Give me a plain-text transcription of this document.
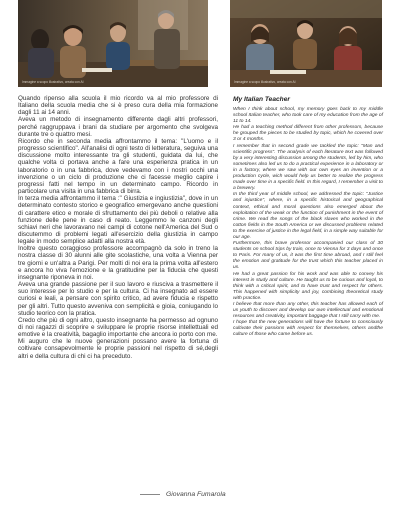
Immagine a scopo illustrativo, creata con AI	Immagine a scopo illustrativo, creata con AI

Quando ripenso alla scuola il mio ricordo va al mio professore di Italiano della scuola media che si è preso cura della mia formazione dagli 11 ai 14 anni.

Aveva un metodo di insegnamento differente dagli altri professori, perché raggruppava i brani da studiare per argomento che svolgeva durante tre o quattro mesi.

Ricordo che in seconda media affrontammo il tema: "L'uomo e il progresso scientifico". All'analisi di ogni testo di letteratura, seguiva una discussione molto interessante tra gli studenti, guidata da lui, che qualche volta ci portava anche a fare una esperienza pratica in un laboratorio o in una fabbrica, dove vedevamo con i nostri occhi una invenzione o un ciclo di produzione che ci facesse meglio capire i progressi fatti nel tempo in un determinato campo. Ricordo in particolare una visita in una fabbrica di birra.

In terza media affrontammo il tema :" Giustizia e ingiustizia", dove in un determinato contesto storico e geografico emergevano anche questioni di carattere etico e morale di sfruttamento dei più deboli o relative alla funzione delle pene in caso di reato. Leggemmo le canzoni degli schiavi neri che lavoravano nei campi di cotone nell'America del Sud o discutemmo di problemi legati all'esercizio della giustizia in campo legale in modo semplice adatti alla nostra età.

Inoltre questo coraggioso professore accompagnò da solo in treno la nostra classe di 30 alunni alle gite scolastiche, una volta a Vienna per tre giorni e un'altra a Parigi. Per molti di noi era la prima volta all'estero e ancora ho viva l'emozione e la gratitudine per la fiducia che questi insegnante riponeva in noi.

Aveva una grande passione per il suo lavoro e riusciva a trasmettere il suo interesse per lo studio e per la cultura. Ci ha insegnato ad essere curiosi e leali, a pensare con spirito critico, ad avere fiducia e rispetto per gli altri. Tutto questo avveniva con semplicità e gioia, coniugando lo studio teorico con la pratica.

Credo che più di ogni altro, questo insegnante ha permesso ad ognuno di noi ragazzi di scoprire e sviluppare le proprie risorse intellettuali ed emotive e la creatività, bagaglio importante che ancora io porto con me.

Mi auguro che le nuove generazioni possano avere la fortuna di coltivare consapevolmente le proprie passioni nel rispetto di sé,degli altri e della cultura di chi ci ha preceduto.

My Italian Teacher

When I think about school, my memory goes back to my middle school Italian teacher, who took care of my education from the age of 11 to 14.

He had a teaching method different from other professors, because he grouped the pieces to be studied by topic, which he covered over 3 or 4 months.

I remember that in second grade we tackled the topic: "Man and scientific progress". The analysis of each literature text was followed by a very interesting discussion among the students, led by him, who sometimes also led us to do a practical experience in a laboratory or in a factory, where we saw with our own eyes an invention or a production cycle, wich would help us better to realize the progress made over time in a specific field. In this regard, I remember a visit to a brewery.

In the third year of middle school, we addressed the topic: "Justice and injustice", where, in a specific historical and geographical context, ethical and moral questions also emerged about the exploitation of the weak or the function of punishment in the event of crime. We read the songs of the black slaves who worked in the cotton fields in the South America or we discussed problems related to the exercise of justice in the legal field, in a simple way suitable for our age.

Furthermore, this brave professor accompanied our class of 30 students on school trips by train, once to Vienna for 3 days and once to Paris. For many of us, it was the first time abroad, and I still feel the emotion and gratitude for the trust which this teacher placed in us.

He had a great passion for his work and was able to convey his interest in study and culture. He taught us to be curious and loyal, to think with a critical spirit, and to have trust and respect for others. This happened with simplicity and joy, combining theoretical study with practice.

I believe that more than any other, this teacher has allowed each of us youth to discover and develop our own intellectual and emotional resources and creativity, important baggage that I still carry with me.

I hope that the new generations will have the fortune to consciously cultivate their passions with respect for themselves, others andthe culture of those who came before us.

Giovanna Fumarola
